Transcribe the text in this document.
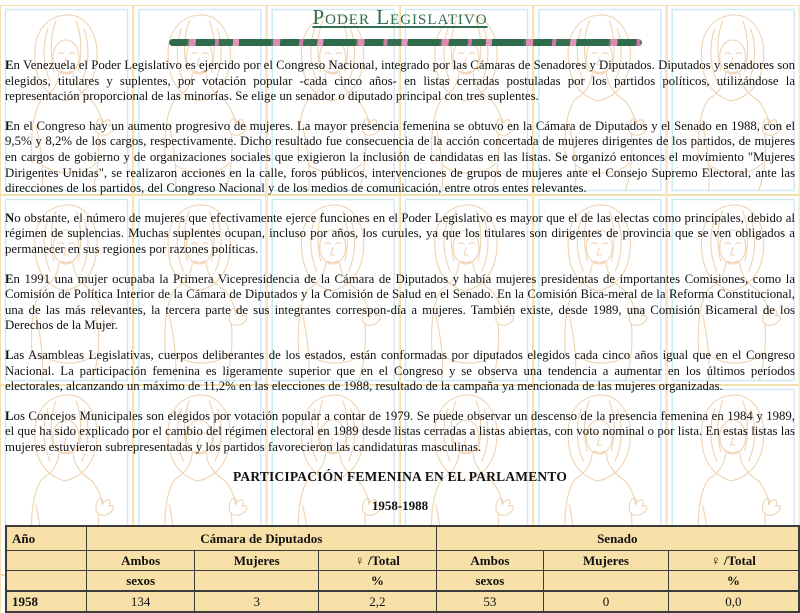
Poder Legislativo

En Venezuela el Poder Legislativo es ejercido por el Congreso Nacional, integrado por las Cámaras de Senadores y Diputados. Diputados y senadores son elegidos, titulares y suplentes, por votación popular -cada cinco años- en listas cerradas postuladas por los partidos políticos, utilizándose la representación proporcional de las minorías. Se elige un senador o diputado principal con tres suplentes.

En el Congreso hay un aumento progresivo de mujeres. La mayor presencia femenina se obtuvo en la Cámara de Diputados y el Senado en 1988, con el 9,5% y 8,2% de los cargos, respectivamente. Dicho resultado fue consecuencia de la acción concertada de mujeres dirigentes de los partidos, de mujeres en cargos de gobierno y de organizaciones sociales que exigieron la inclusión de candidatas en las listas. Se organizó entonces el movimiento "Mujeres Dirigentes Unidas", se realizaron acciones en la calle, foros públicos, intervenciones de grupos de mujeres ante el Consejo Supremo Electoral, ante las direcciones de los partidos, del Congreso Nacional y de los medios de comunicación, entre otros entes relevantes.

No obstante, el número de mujeres que efectivamente ejerce funciones en el Poder Legislativo es mayor que el de las electas como principales, debido al régimen de suplencias. Muchas suplentes ocupan, incluso por años, los curules, ya que los titulares son dirigentes de provincia que se ven obligados a permanecer en sus regiones por razones políticas.

En 1991 una mujer ocupaba la Primera Vicepresidencia de la Cámara de Diputados y había mujeres presidentas de importantes Comisiones, como la Comisión de Política Interior de la Cámara de Diputados y la Comisión de Salud en el Senado. En la Comisión Bica-meral de la Reforma Constitucional, una de las más relevantes, la tercera parte de sus integrantes correspon-día a mujeres. También existe, desde 1989, una Comisión Bicameral de los Derechos de la Mujer.

Las Asambleas Legislativas, cuerpos deliberantes de los estados, están conformadas por diputados elegidos cada cinco años igual que en el Congreso Nacional. La participación femenina es ligeramente superior que en el Congreso y se observa una tendencia a aumentar en los últimos períodos electorales, alcanzando un máximo de 11,2% en las elecciones de 1988, resultado de la campaña ya mencionada de las mujeres organizadas.

Los Concejos Municipales son elegidos por votación popular a contar de 1979. Se puede observar un descenso de la presencia femenina en 1984 y 1989, el que ha sido explicado por el cambio del régimen electoral en 1989 desde listas cerradas a listas abiertas, con voto nominal o por lista. En estas listas las mujeres estuvieron subrepresentadas y los partidos favorecieron las candidaturas masculinas.

PARTICIPACIÓN FEMENINA EN EL PARLAMENTO
1958-1988
Año	Cámara de Diputados			Senado		
	Ambos	Mujeres	♀ /Total	Ambos	Mujeres	♀ /Total
	sexos		%	sexos		%
1958	134	3	2,2	53	0	0,0
